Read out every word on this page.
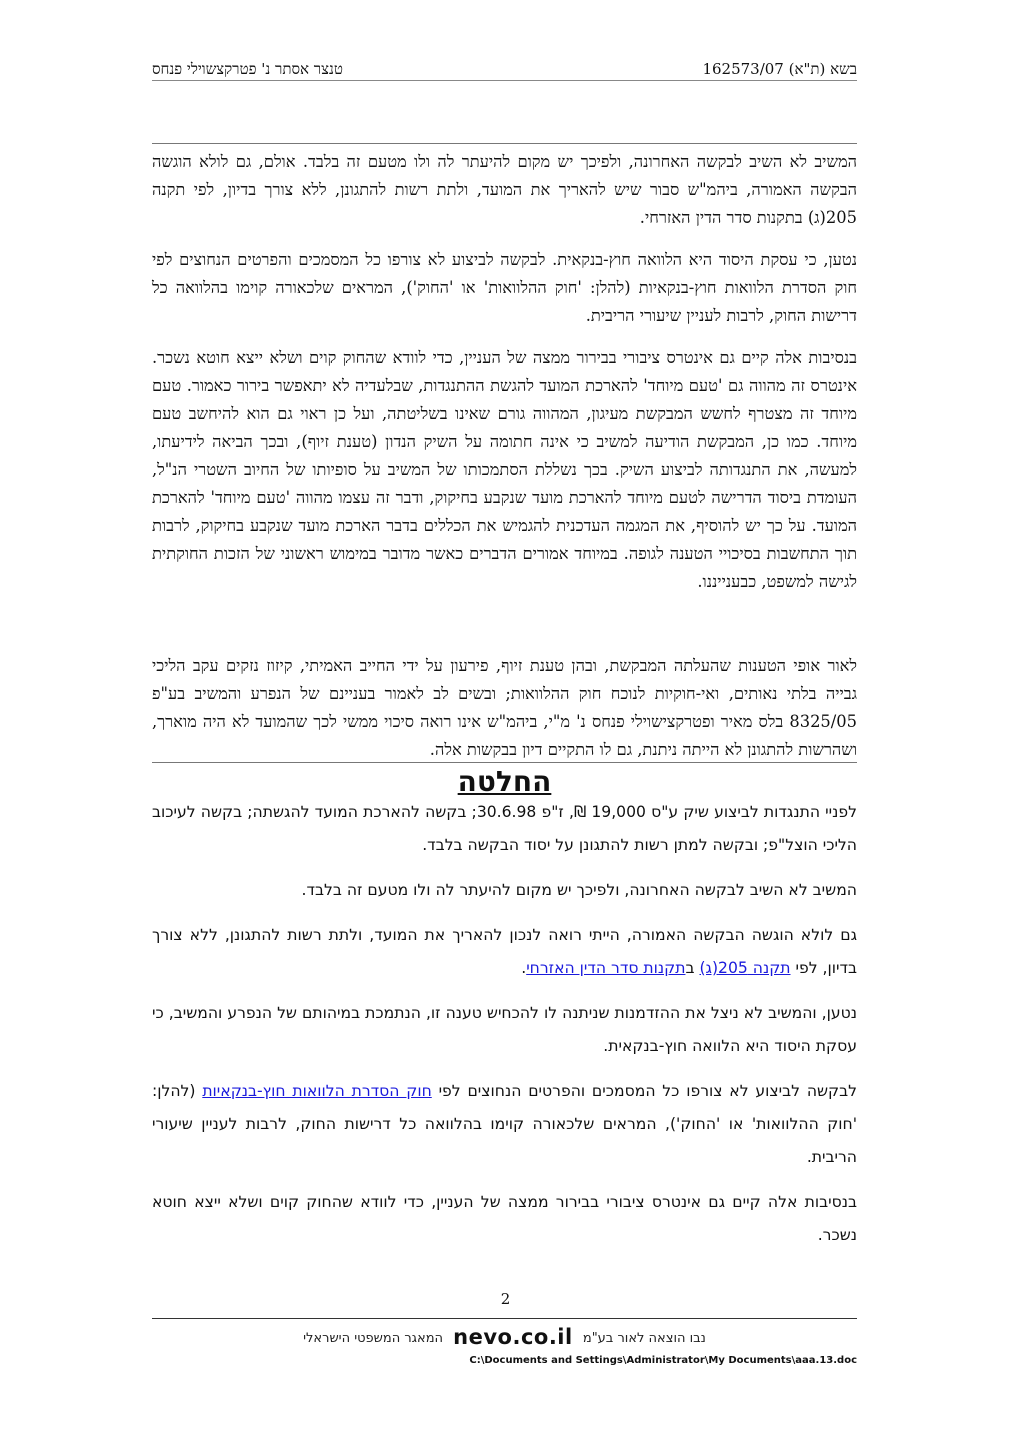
בשא (ת"א) 162573/07
טנצר אסתר נ' פטרקצשוילי פנחס

המשיב לא השיב לבקשה האחרונה, ולפיכך יש מקום להיעתר לה ולו מטעם זה בלבד. אולם, גם לולא הוגשה הבקשה האמורה, ביהמ"ש סבור שיש להאריך את המועד, ולתת רשות להתגונן, ללא צורך בדיון, לפי תקנה 205(ג) בתקנות סדר הדין האזרחי.

נטען, כי עסקת היסוד היא הלוואה חוץ-בנקאית. לבקשה לביצוע לא צורפו כל המסמכים והפרטים הנחוצים לפי חוק הסדרת הלוואות חוץ-בנקאיות (להלן: 'חוק ההלוואות' או 'החוק'), המראים שלכאורה קוימו בהלוואה כל דרישות החוק, לרבות לעניין שיעורי הריבית.

בנסיבות אלה קיים גם אינטרס ציבורי בבירור ממצה של העניין, כדי לוודא שהחוק קוים ושלא ייצא חוטא נשכר. אינטרס זה מהווה גם 'טעם מיוחד' להארכת המועד להגשת ההתנגדות, שבלעדיה לא יתאפשר בירור כאמור. טעם מיוחד זה מצטרף לחשש המבקשת מעיגון, המהווה גורם שאינו בשליטתה, ועל כן ראוי גם הוא להיחשב טעם מיוחד. כמו כן, המבקשת הודיעה למשיב כי אינה חתומה על השיק הנדון (טענת זיוף), ובכך הביאה לידיעתו, למעשה, את התנגדותה לביצוע השיק. בכך נשללת הסתמכותו של המשיב על סופיותו של החיוב השטרי הנ"ל, העומדת ביסוד הדרישה לטעם מיוחד להארכת מועד שנקבע בחיקוק, ודבר זה עצמו מהווה 'טעם מיוחד' להארכת המועד. על כך יש להוסיף, את המגמה העדכנית להגמיש את הכללים בדבר הארכת מועד שנקבע בחיקוק, לרבות תוך התחשבות בסיכויי הטענה לגופה. במיוחד אמורים הדברים כאשר מדובר במימוש ראשוני של הזכות החוקתית לגישה למשפט, כבענייננו.

לאור אופי הטענות שהעלתה המבקשת, ובהן טענת זיוף, פירעון על ידי החייב האמיתי, קיזוז נזקים עקב הליכי גבייה בלתי נאותים, ואי-חוקיות לנוכח חוק ההלוואות; ובשים לב לאמור בעניינם של הנפרע והמשיב בע"פ 8325/05 בלס מאיר ופטרקצישוילי פנחס נ' מ"י, ביהמ"ש אינו רואה סיכוי ממשי לכך שהמועד לא היה מוארך, ושהרשות להתגונן לא הייתה ניתנת, גם לו התקיים דיון בבקשות אלה.

החלטה

לפניי התנגדות לביצוע שיק ע"ס 19,000 ₪, ז"פ 30.6.98; בקשה להארכת המועד להגשתה; בקשה לעיכוב הליכי הוצל"פ; ובקשה למתן רשות להתגונן על יסוד הבקשה בלבד.

המשיב לא השיב לבקשה האחרונה, ולפיכך יש מקום להיעתר לה ולו מטעם זה בלבד.

גם לולא הוגשה הבקשה האמורה, הייתי רואה לנכון להאריך את המועד, ולתת רשות להתגונן, ללא צורך בדיון, לפי תקנה 205(ג) בתקנות סדר הדין האזרחי.

נטען, והמשיב לא ניצל את ההזדמנות שניתנה לו להכחיש טענה זו, הנתמכת במיהותם של הנפרע והמשיב, כי עסקת היסוד היא הלוואה חוץ-בנקאית.

לבקשה לביצוע לא צורפו כל המסמכים והפרטים הנחוצים לפי חוק הסדרת הלוואות חוץ-בנקאיות (להלן: 'חוק ההלוואות' או 'החוק'), המראים שלכאורה קוימו בהלוואה כל דרישות החוק, לרבות לעניין שיעורי הריבית.

בנסיבות אלה קיים גם אינטרס ציבורי בבירור ממצה של העניין, כדי לוודא שהחוק קוים ושלא ייצא חוטא נשכר.

2
נבו הוצאה לאור בע"מ nevo.co.il המאגר המשפטי הישראלי
C:\Documents and Settings\Administrator\My Documents\aaa.13.doc
